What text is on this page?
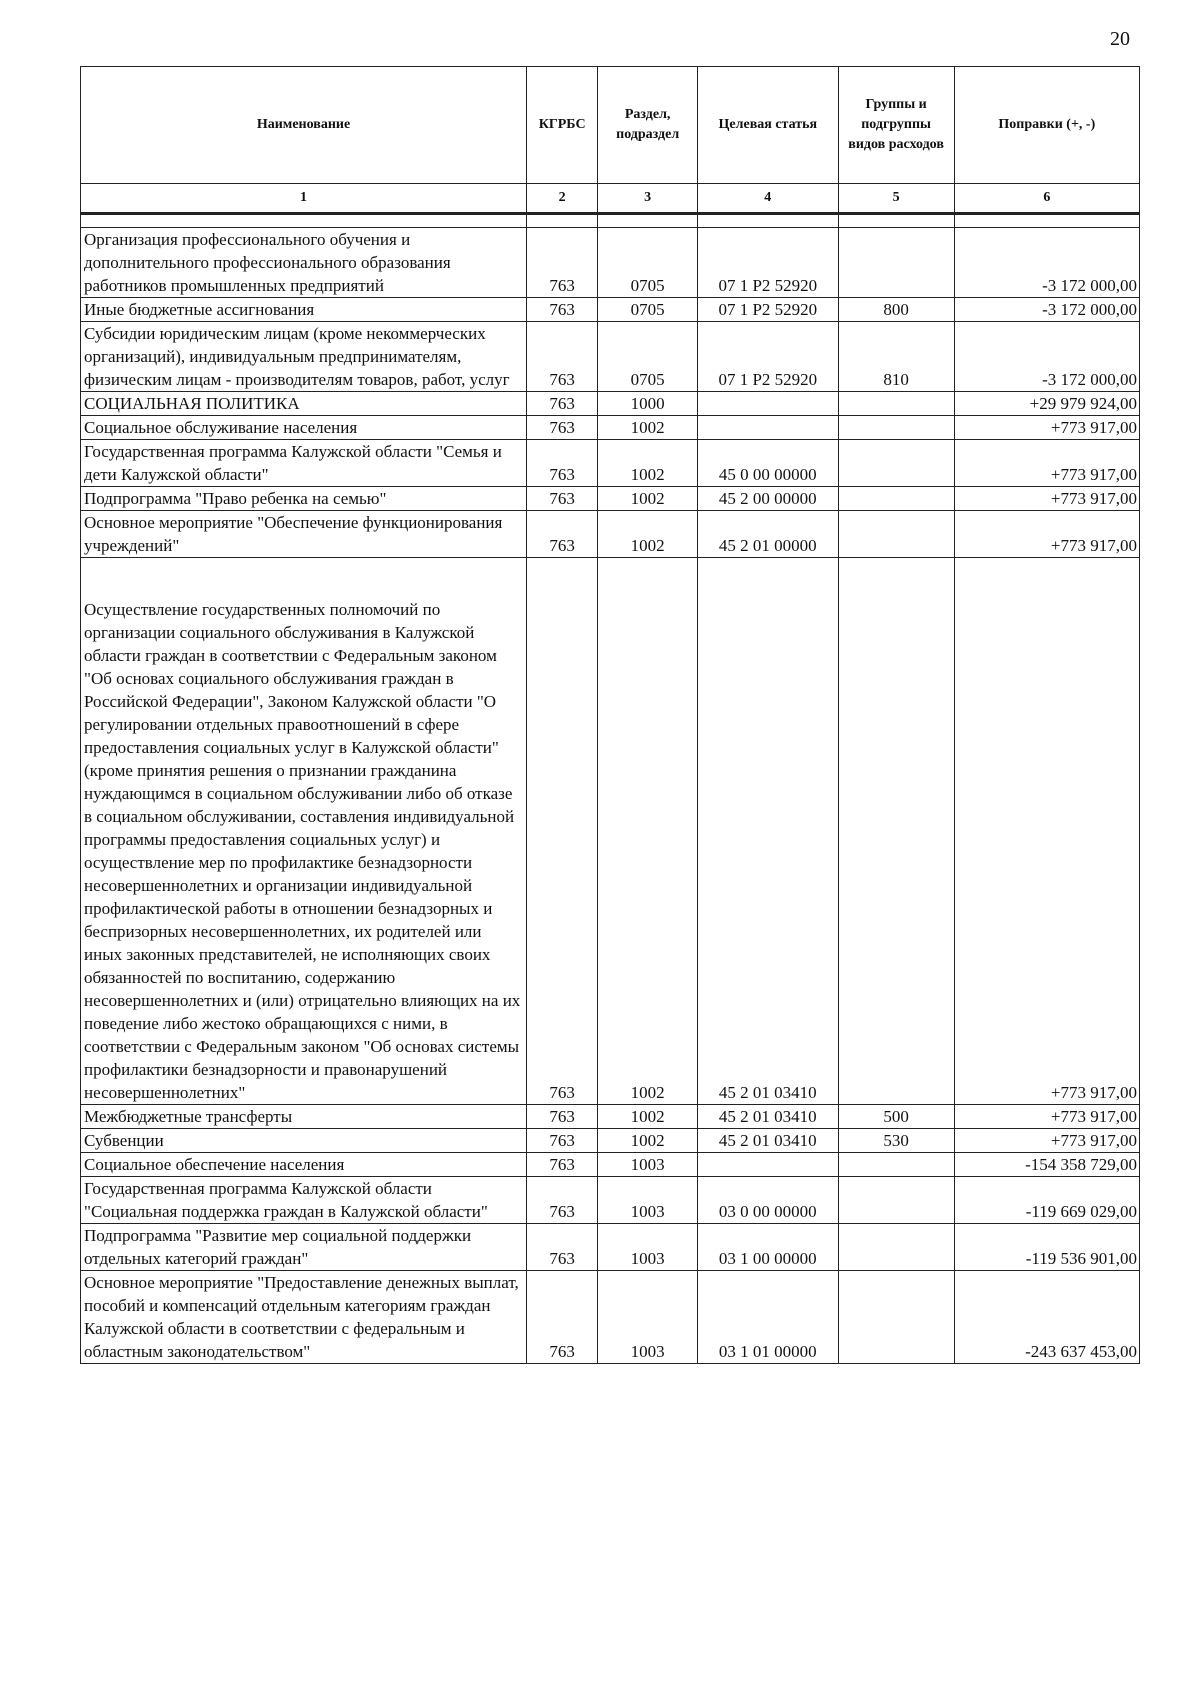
20
Наименование	КГРБС	Раздел, подраздел	Целевая статья	Группы и подгруппы видов расходов	Поправки (+, -)
1	2	3	4	5	6

Организация профессионального обучения и дополнительного профессионального образования работников промышленных предприятий	763	0705	07 1 P2 52920		-3 172 000,00
Иные бюджетные ассигнования	763	0705	07 1 P2 52920	800	-3 172 000,00
Субсидии юридическим лицам (кроме некоммерческих организаций), индивидуальным предпринимателям, физическим лицам - производителям товаров, работ, услуг	763	0705	07 1 P2 52920	810	-3 172 000,00
СОЦИАЛЬНАЯ ПОЛИТИКА	763	1000			+29 979 924,00
Социальное обслуживание населения	763	1002			+773 917,00
Государственная программа Калужской области "Семья и дети Калужской области"	763	1002	45 0 00 00000		+773 917,00
Подпрограмма "Право ребенка на семью"	763	1002	45 2 00 00000		+773 917,00
Основное мероприятие "Обеспечение функционирования учреждений"	763	1002	45 2 01 00000		+773 917,00
Осуществление государственных полномочий по организации социального обслуживания в Калужской области граждан в соответствии с Федеральным законом "Об основах социального обслуживания граждан в Российской Федерации", Законом Калужской области "О регулировании отдельных правоотношений в сфере предоставления социальных услуг в Калужской области" (кроме принятия решения о признании гражданина нуждающимся в социальном обслуживании либо об отказе в социальном обслуживании, составления индивидуальной программы предоставления социальных услуг) и осуществление мер по профилактике безнадзорности несовершеннолетних и организации индивидуальной профилактической работы в отношении безнадзорных и беспризорных несовершеннолетних, их родителей или иных законных представителей, не исполняющих своих обязанностей по воспитанию, содержанию несовершеннолетних и (или) отрицательно влияющих на их поведение либо жестоко обращающихся с ними, в соответствии с Федеральным законом "Об основах системы профилактики безнадзорности и правонарушений несовершеннолетних"	763	1002	45 2 01 03410		+773 917,00
Межбюджетные трансферты	763	1002	45 2 01 03410	500	+773 917,00
Субвенции	763	1002	45 2 01 03410	530	+773 917,00
Социальное обеспечение населения	763	1003			-154 358 729,00
Государственная программа Калужской области "Социальная поддержка граждан в Калужской области"	763	1003	03 0 00 00000		-119 669 029,00
Подпрограмма "Развитие мер социальной поддержки отдельных категорий граждан"	763	1003	03 1 00 00000		-119 536 901,00
Основное мероприятие "Предоставление денежных выплат, пособий и компенсаций отдельным категориям граждан Калужской области в соответствии с федеральным и областным законодательством"	763	1003	03 1 01 00000		-243 637 453,00
